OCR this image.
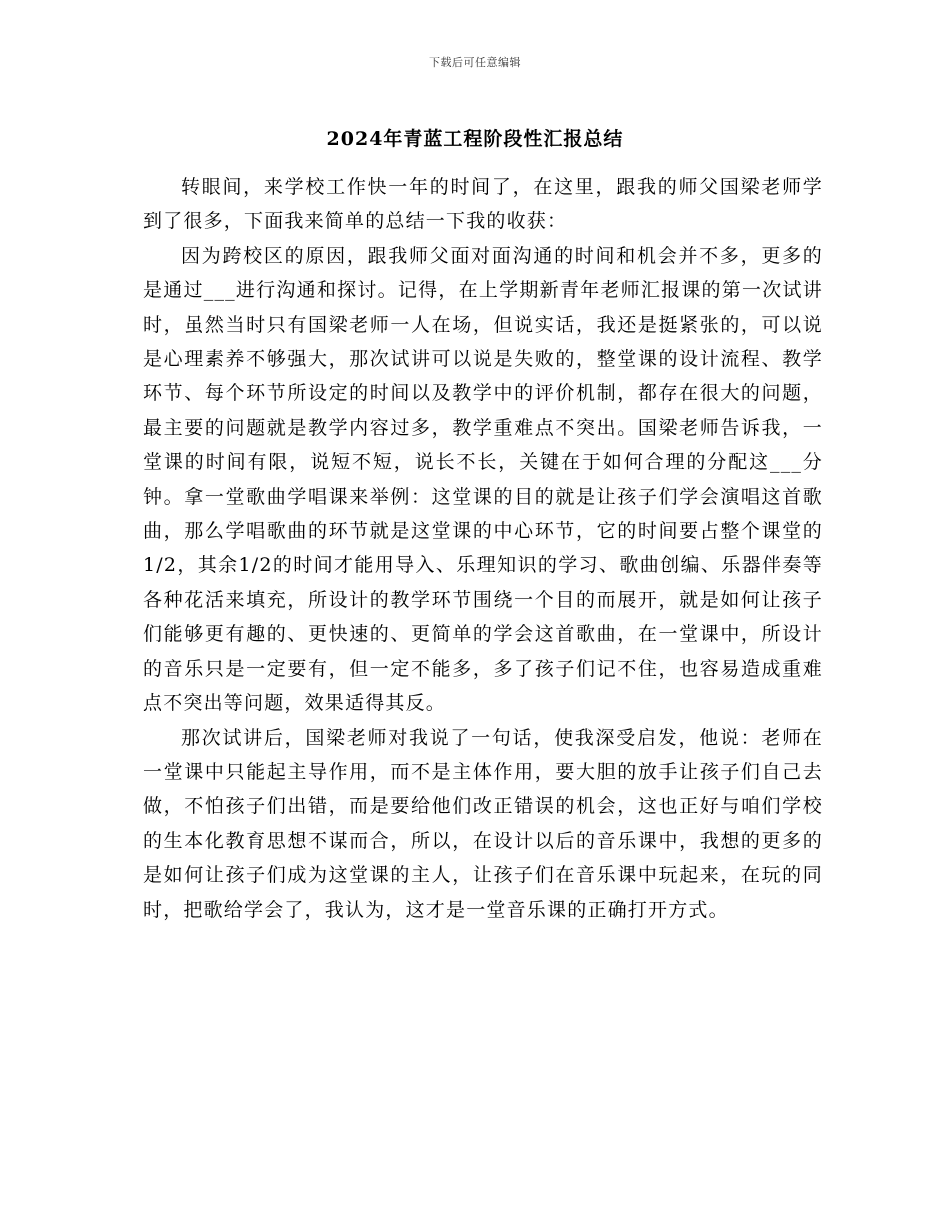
下载后可任意编辑
2024年青蓝工程阶段性汇报总结

转眼间，来学校工作快一年的时间了，在这里，跟我的师父国梁老师学到了很多，下面我来简单的总结一下我的收获：

因为跨校区的原因，跟我师父面对面沟通的时间和机会并不多，更多的是通过___进行沟通和探讨。记得，在上学期新青年老师汇报课的第一次试讲时，虽然当时只有国梁老师一人在场，但说实话，我还是挺紧张的，可以说是心理素养不够强大，那次试讲可以说是失败的，整堂课的设计流程、教学环节、每个环节所设定的时间以及教学中的评价机制，都存在很大的问题，最主要的问题就是教学内容过多，教学重难点不突出。国梁老师告诉我，一堂课的时间有限，说短不短，说长不长，关键在于如何合理的分配这___分钟。拿一堂歌曲学唱课来举例：这堂课的目的就是让孩子们学会演唱这首歌曲，那么学唱歌曲的环节就是这堂课的中心环节，它的时间要占整个课堂的1/2，其余1/2的时间才能用导入、乐理知识的学习、歌曲创编、乐器伴奏等各种花活来填充，所设计的教学环节围绕一个目的而展开，就是如何让孩子们能够更有趣的、更快速的、更简单的学会这首歌曲，在一堂课中，所设计的音乐只是一定要有，但一定不能多，多了孩子们记不住，也容易造成重难点不突出等问题，效果适得其反。

那次试讲后，国梁老师对我说了一句话，使我深受启发，他说：老师在一堂课中只能起主导作用，而不是主体作用，要大胆的放手让孩子们自己去做，不怕孩子们出错，而是要给他们改正错误的机会，这也正好与咱们学校的生本化教育思想不谋而合，所以，在设计以后的音乐课中，我想的更多的是如何让孩子们成为这堂课的主人，让孩子们在音乐课中玩起来，在玩的同时，把歌给学会了，我认为，这才是一堂音乐课的正确打开方式。
